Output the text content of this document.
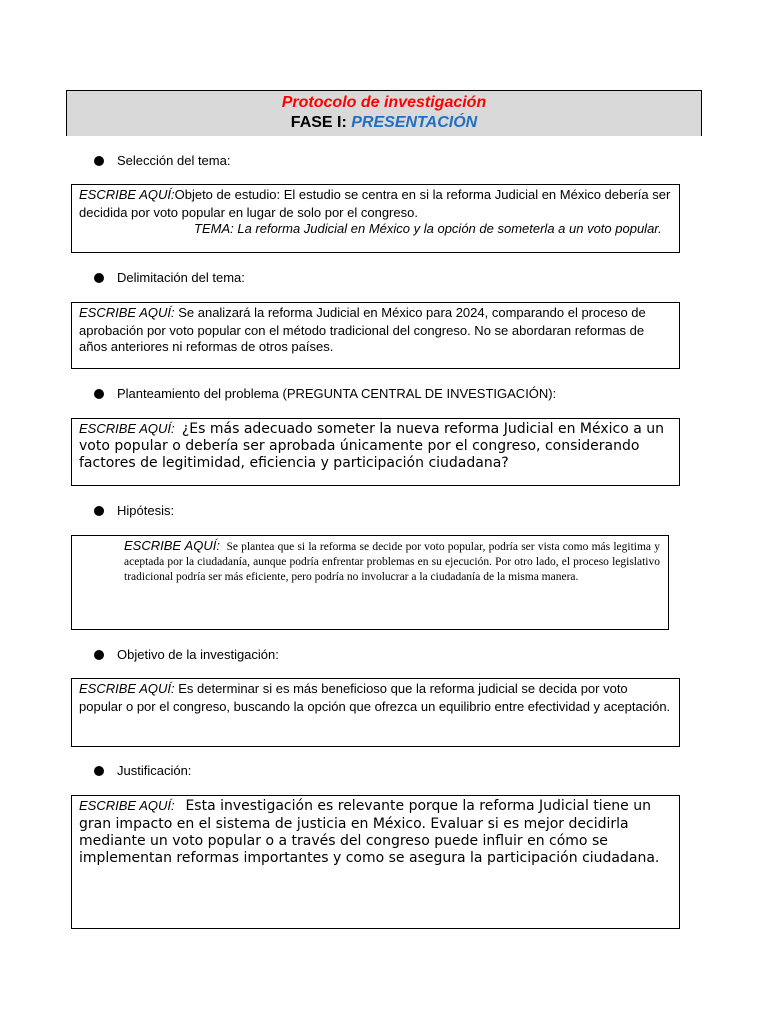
Protocolo de investigación
FASE I: PRESENTACIÓN
Selección del tema:
ESCRIBE AQUÍ:Objeto de estudio: El estudio se centra en si la reforma Judicial en México debería ser decidida por voto popular en lugar de solo por el congreso.
TEMA: La reforma Judicial en México y la opción de someterla a un voto popular.
Delimitación del tema:
ESCRIBE AQUÍ: Se analizará la reforma Judicial en México para 2024, comparando el proceso de aprobación por voto popular con el método tradicional del congreso. No se abordaran reformas de años anteriores ni reformas de otros países.
Planteamiento del problema (PREGUNTA CENTRAL DE INVESTIGACIÓN):
ESCRIBE AQUÍ: ¿Es más adecuado someter la nueva reforma Judicial en México a un voto popular o debería ser aprobada únicamente por el congreso, considerando factores de legitimidad, eficiencia y participación ciudadana?
Hipótesis:
ESCRIBE AQUÍ: Se plantea que si la reforma se decide por voto popular, podría ser vista como más legitima y aceptada por la ciudadanía, aunque podría enfrentar problemas en su ejecución. Por otro lado, el proceso legislativo tradicional podría ser más eficiente, pero podría no involucrar a la ciudadanía de la misma manera.
Objetivo de la investigación:
ESCRIBE AQUÍ: Es determinar si es más beneficioso que la reforma judicial se decida por voto popular o por el congreso, buscando la opción que ofrezca un equilibrio entre efectividad y aceptación.
Justificación:
ESCRIBE AQUÍ: Esta investigación es relevante porque la reforma Judicial tiene un gran impacto en el sistema de justicia en México. Evaluar si es mejor decidirla mediante un voto popular o a través del congreso puede influir en cómo se implementan reformas importantes y como se asegura la participación ciudadana.
